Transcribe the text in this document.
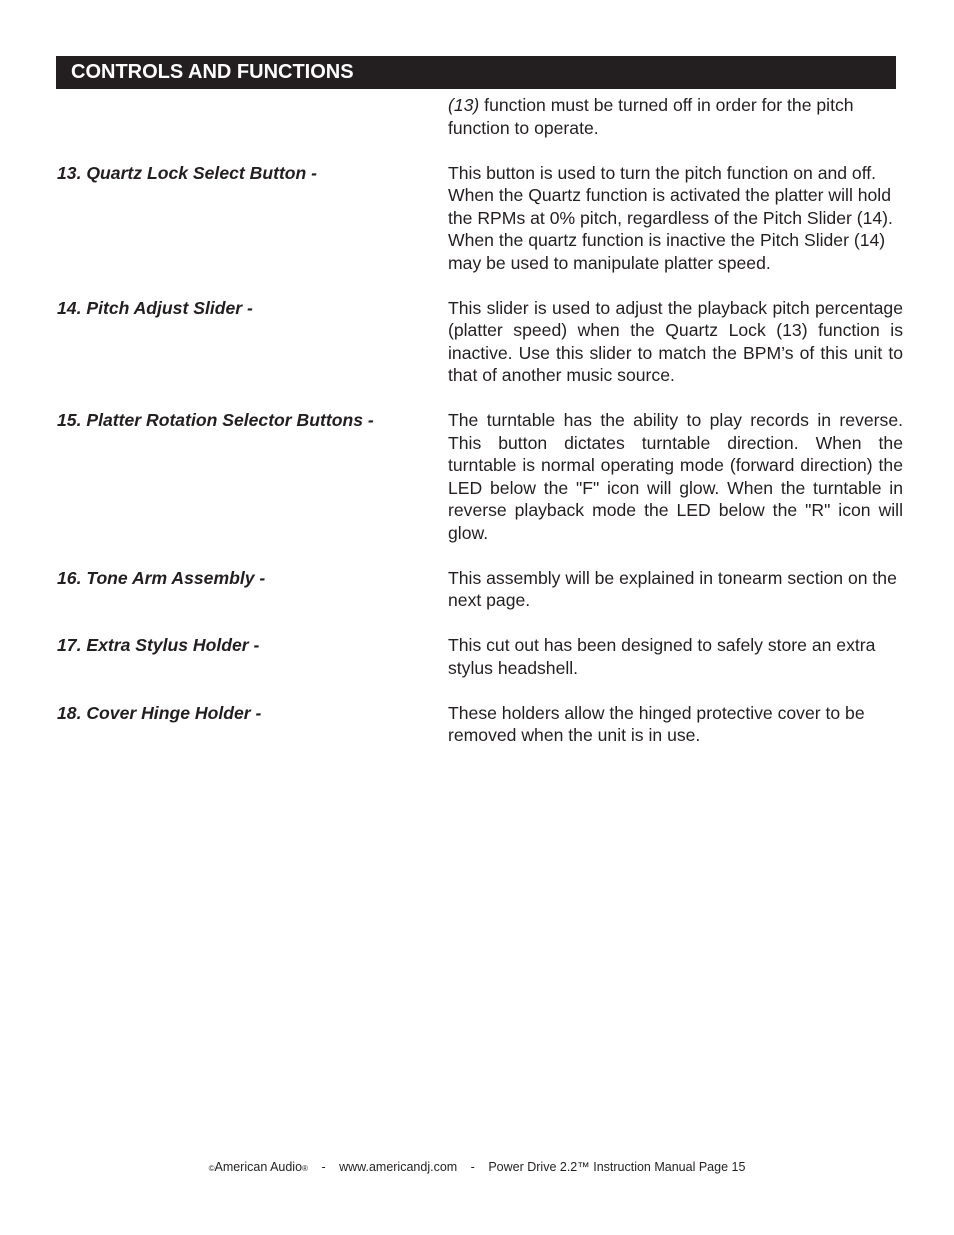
CONTROLS AND FUNCTIONS
(13) function must be turned off in order for the pitch function to operate.
13. Quartz Lock Select Button -	This button is used to turn the pitch function on and off. When the Quartz function is activated the platter will hold the RPMs at 0% pitch, regardless of the Pitch Slider (14). When the quartz function is inactive the Pitch Slider (14) may be used to manipulate platter speed.
14. Pitch Adjust Slider -	This slider is used to adjust the playback pitch percentage (platter speed) when the Quartz Lock (13) function is inactive. Use this slider to match the BPM’s of this unit to that of another music source.
15. Platter Rotation Selector Buttons -	The turntable has the ability to play records in reverse. This button dictates turntable direction. When the turntable is normal operating mode (forward direction) the LED below the "F" icon will glow. When the turntable in reverse playback mode the LED below the "R" icon will glow.
16. Tone Arm Assembly -	This assembly will be explained in tonearm section on the next page.
17. Extra Stylus Holder -	This cut out has been designed to safely store an extra stylus headshell.
18. Cover Hinge Holder -	These holders allow the hinged protective cover to be removed when the unit is in use.
©American Audio® - www.americandj.com - Power Drive 2.2™ Instruction Manual Page 15
